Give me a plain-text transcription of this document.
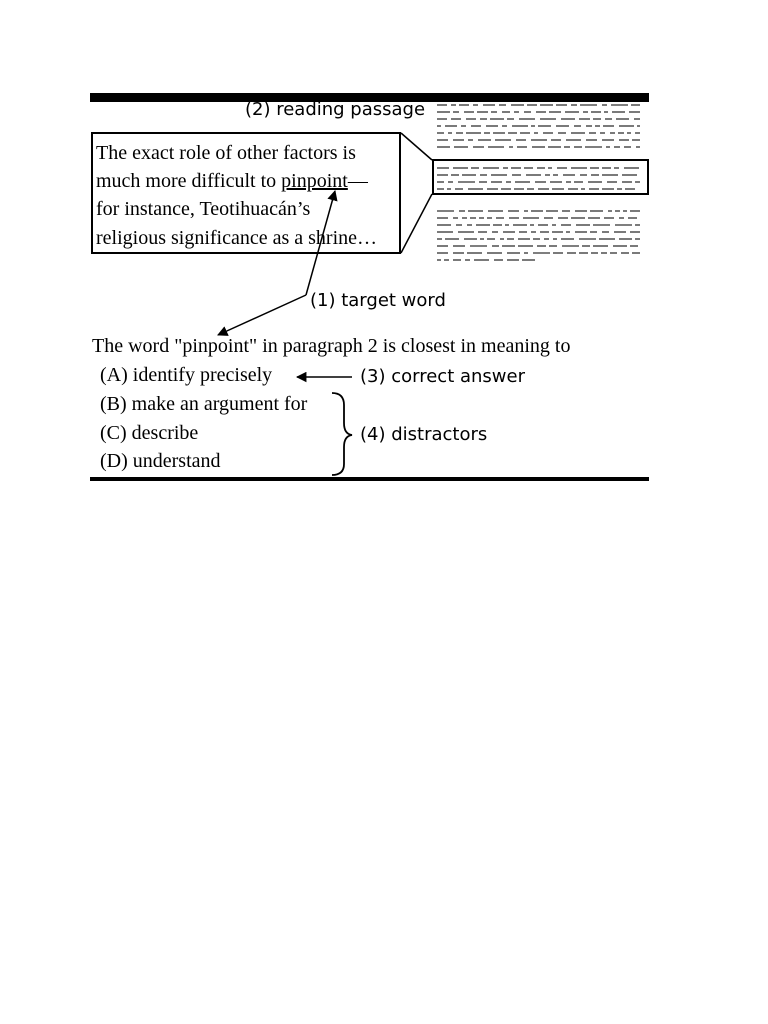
(2) reading passage
The exact role of other factors is
much more difficult to pinpoint—
for instance, Teotihuacán’s
religious significance as a shrine…
(1) target word
The word "pinpoint" in paragraph 2 is closest in meaning to
(A) identify precisely
(B) make an argument for
(C) describe
(D) understand
(3) correct answer
(4) distractors
